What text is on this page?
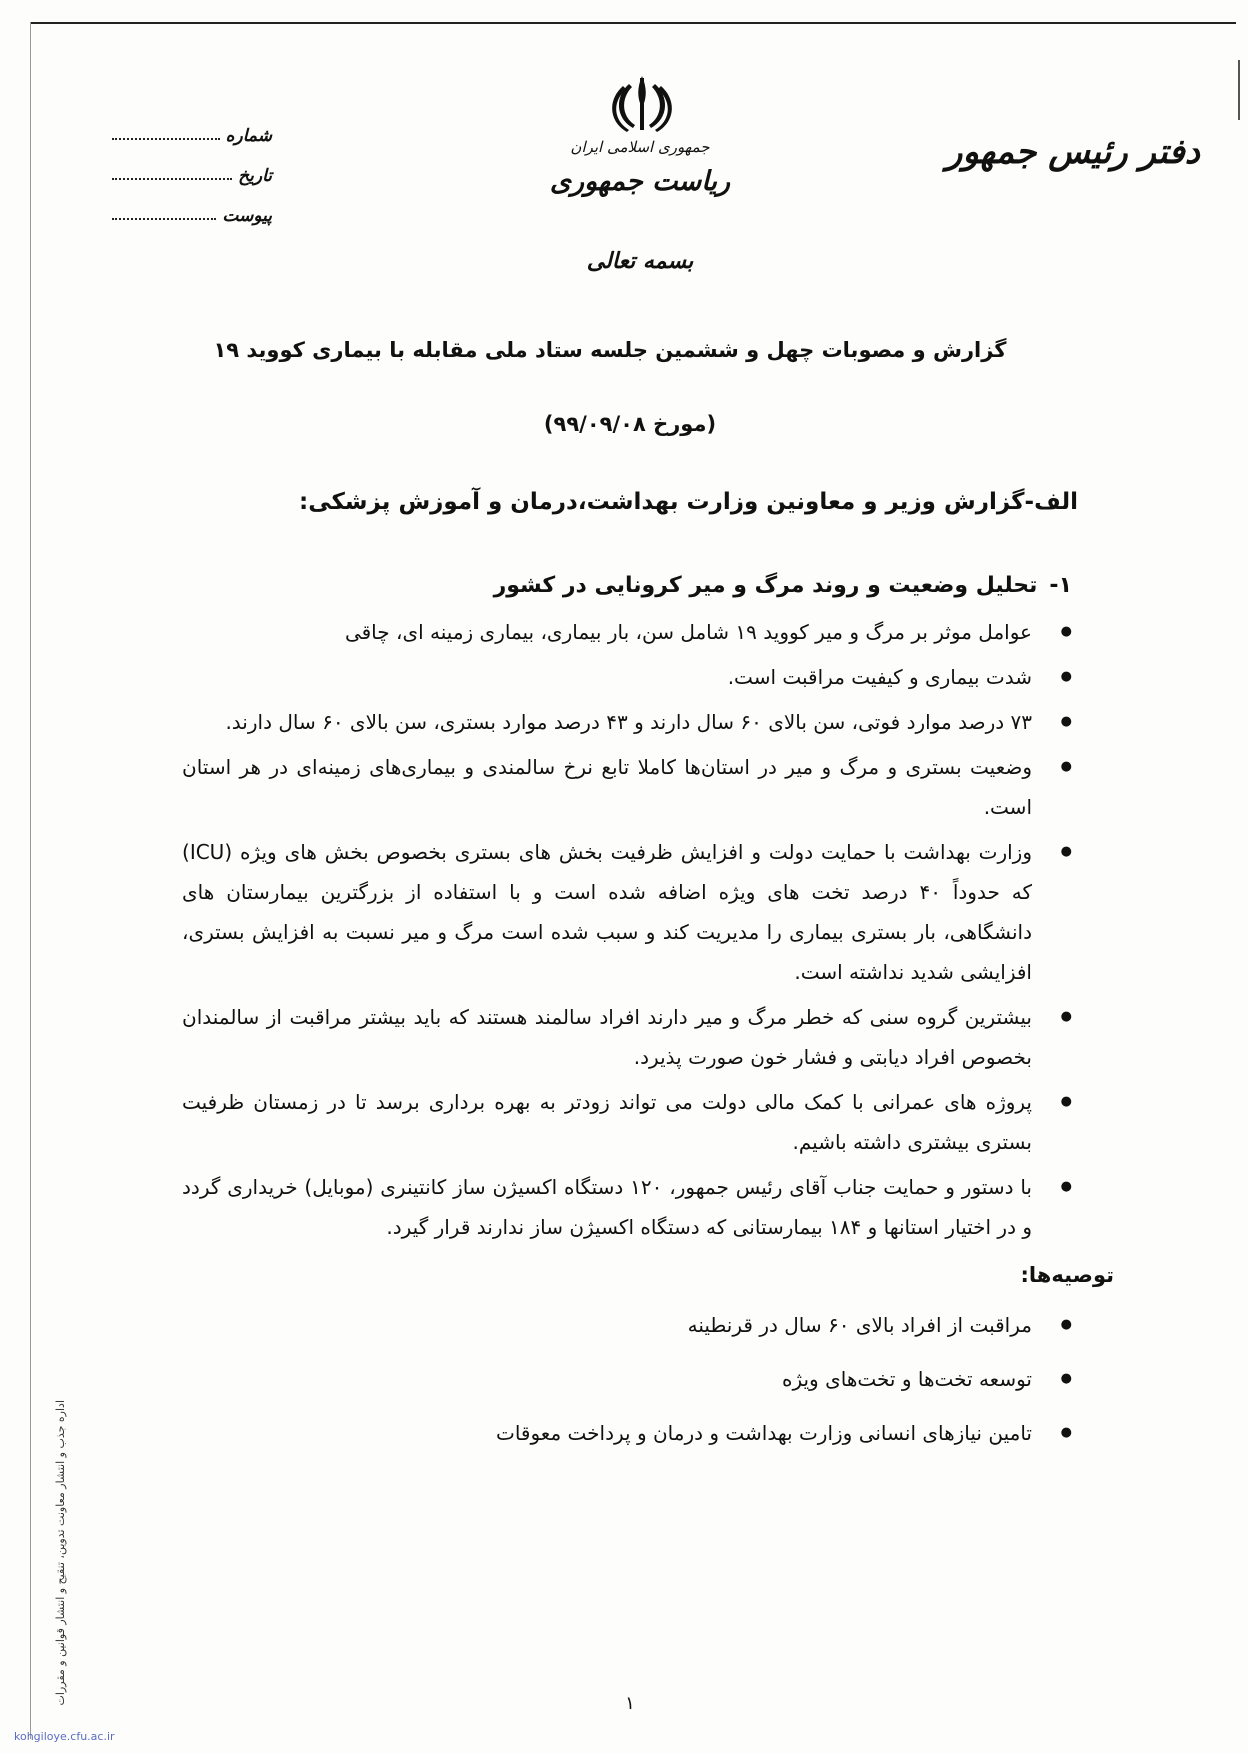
جمهوری اسلامی ایران
ریاست جمهوری
بسمه تعالی
دفتر رئیس جمهور
شماره
تاریخ
پیوست
گزارش و مصوبات چهل و ششمین جلسه ستاد ملی مقابله با بیماری کووید ۱۹
(مورخ ۹۹/۰۹/۰۸)
الف-گزارش وزیر و معاونین وزارت بهداشت،درمان و آموزش پزشکی:
۱-تحلیل وضعیت و روند مرگ و میر کرونایی در کشور
● عوامل موثر بر مرگ و میر کووید ۱۹ شامل سن، بار بیماری، بیماری زمینه ای، چاقی
● شدت بیماری و کیفیت مراقبت است.
● ۷۳ درصد موارد فوتی، سن بالای ۶۰ سال دارند و ۴۳ درصد موارد بستری، سن بالای ۶۰ سال دارند.
● وضعیت بستری و مرگ و میر در استان‌ها کاملا تابع نرخ سالمندی و بیماری‌های زمینه‌ای در هر استان است.
● وزارت بهداشت با حمایت دولت و افزایش ظرفیت بخش های بستری بخصوص بخش های ویژه (ICU) که حدوداً ۴۰ درصد تخت های ویژه اضافه شده است و با استفاده از بزرگترین بیمارستان های دانشگاهی، بار بستری بیماری را مدیریت کند و سبب شده است مرگ و میر نسبت به افزایش بستری، افزایشی شدید نداشته است.
● بیشترین گروه سنی که خطر مرگ و میر دارند افراد سالمند هستند که باید بیشتر مراقبت از سالمندان بخصوص افراد دیابتی و فشار خون صورت پذیرد.
● پروژه های عمرانی با کمک مالی دولت می تواند زودتر به بهره برداری برسد تا در زمستان ظرفیت بستری بیشتری داشته باشیم.
● با دستور و حمایت جناب آقای رئیس جمهور، ۱۲۰ دستگاه اکسیژن ساز کانتینری (موبایل) خریداری گردد و در اختیار استانها و ۱۸۴ بیمارستانی که دستگاه اکسیژن ساز ندارند قرار گیرد.
توصیه‌ها:
● مراقبت از افراد بالای ۶۰ سال در قرنطینه
● توسعه تخت‌ها و تخت‌های ویژه
● تامین نیازهای انسانی وزارت بهداشت و درمان و پرداخت معوقات
۱
اداره جذب و انتشار معاونت تدوین، تنقیح و انتشار قوانین و مقررات
kohgiloye.cfu.ac.ir
